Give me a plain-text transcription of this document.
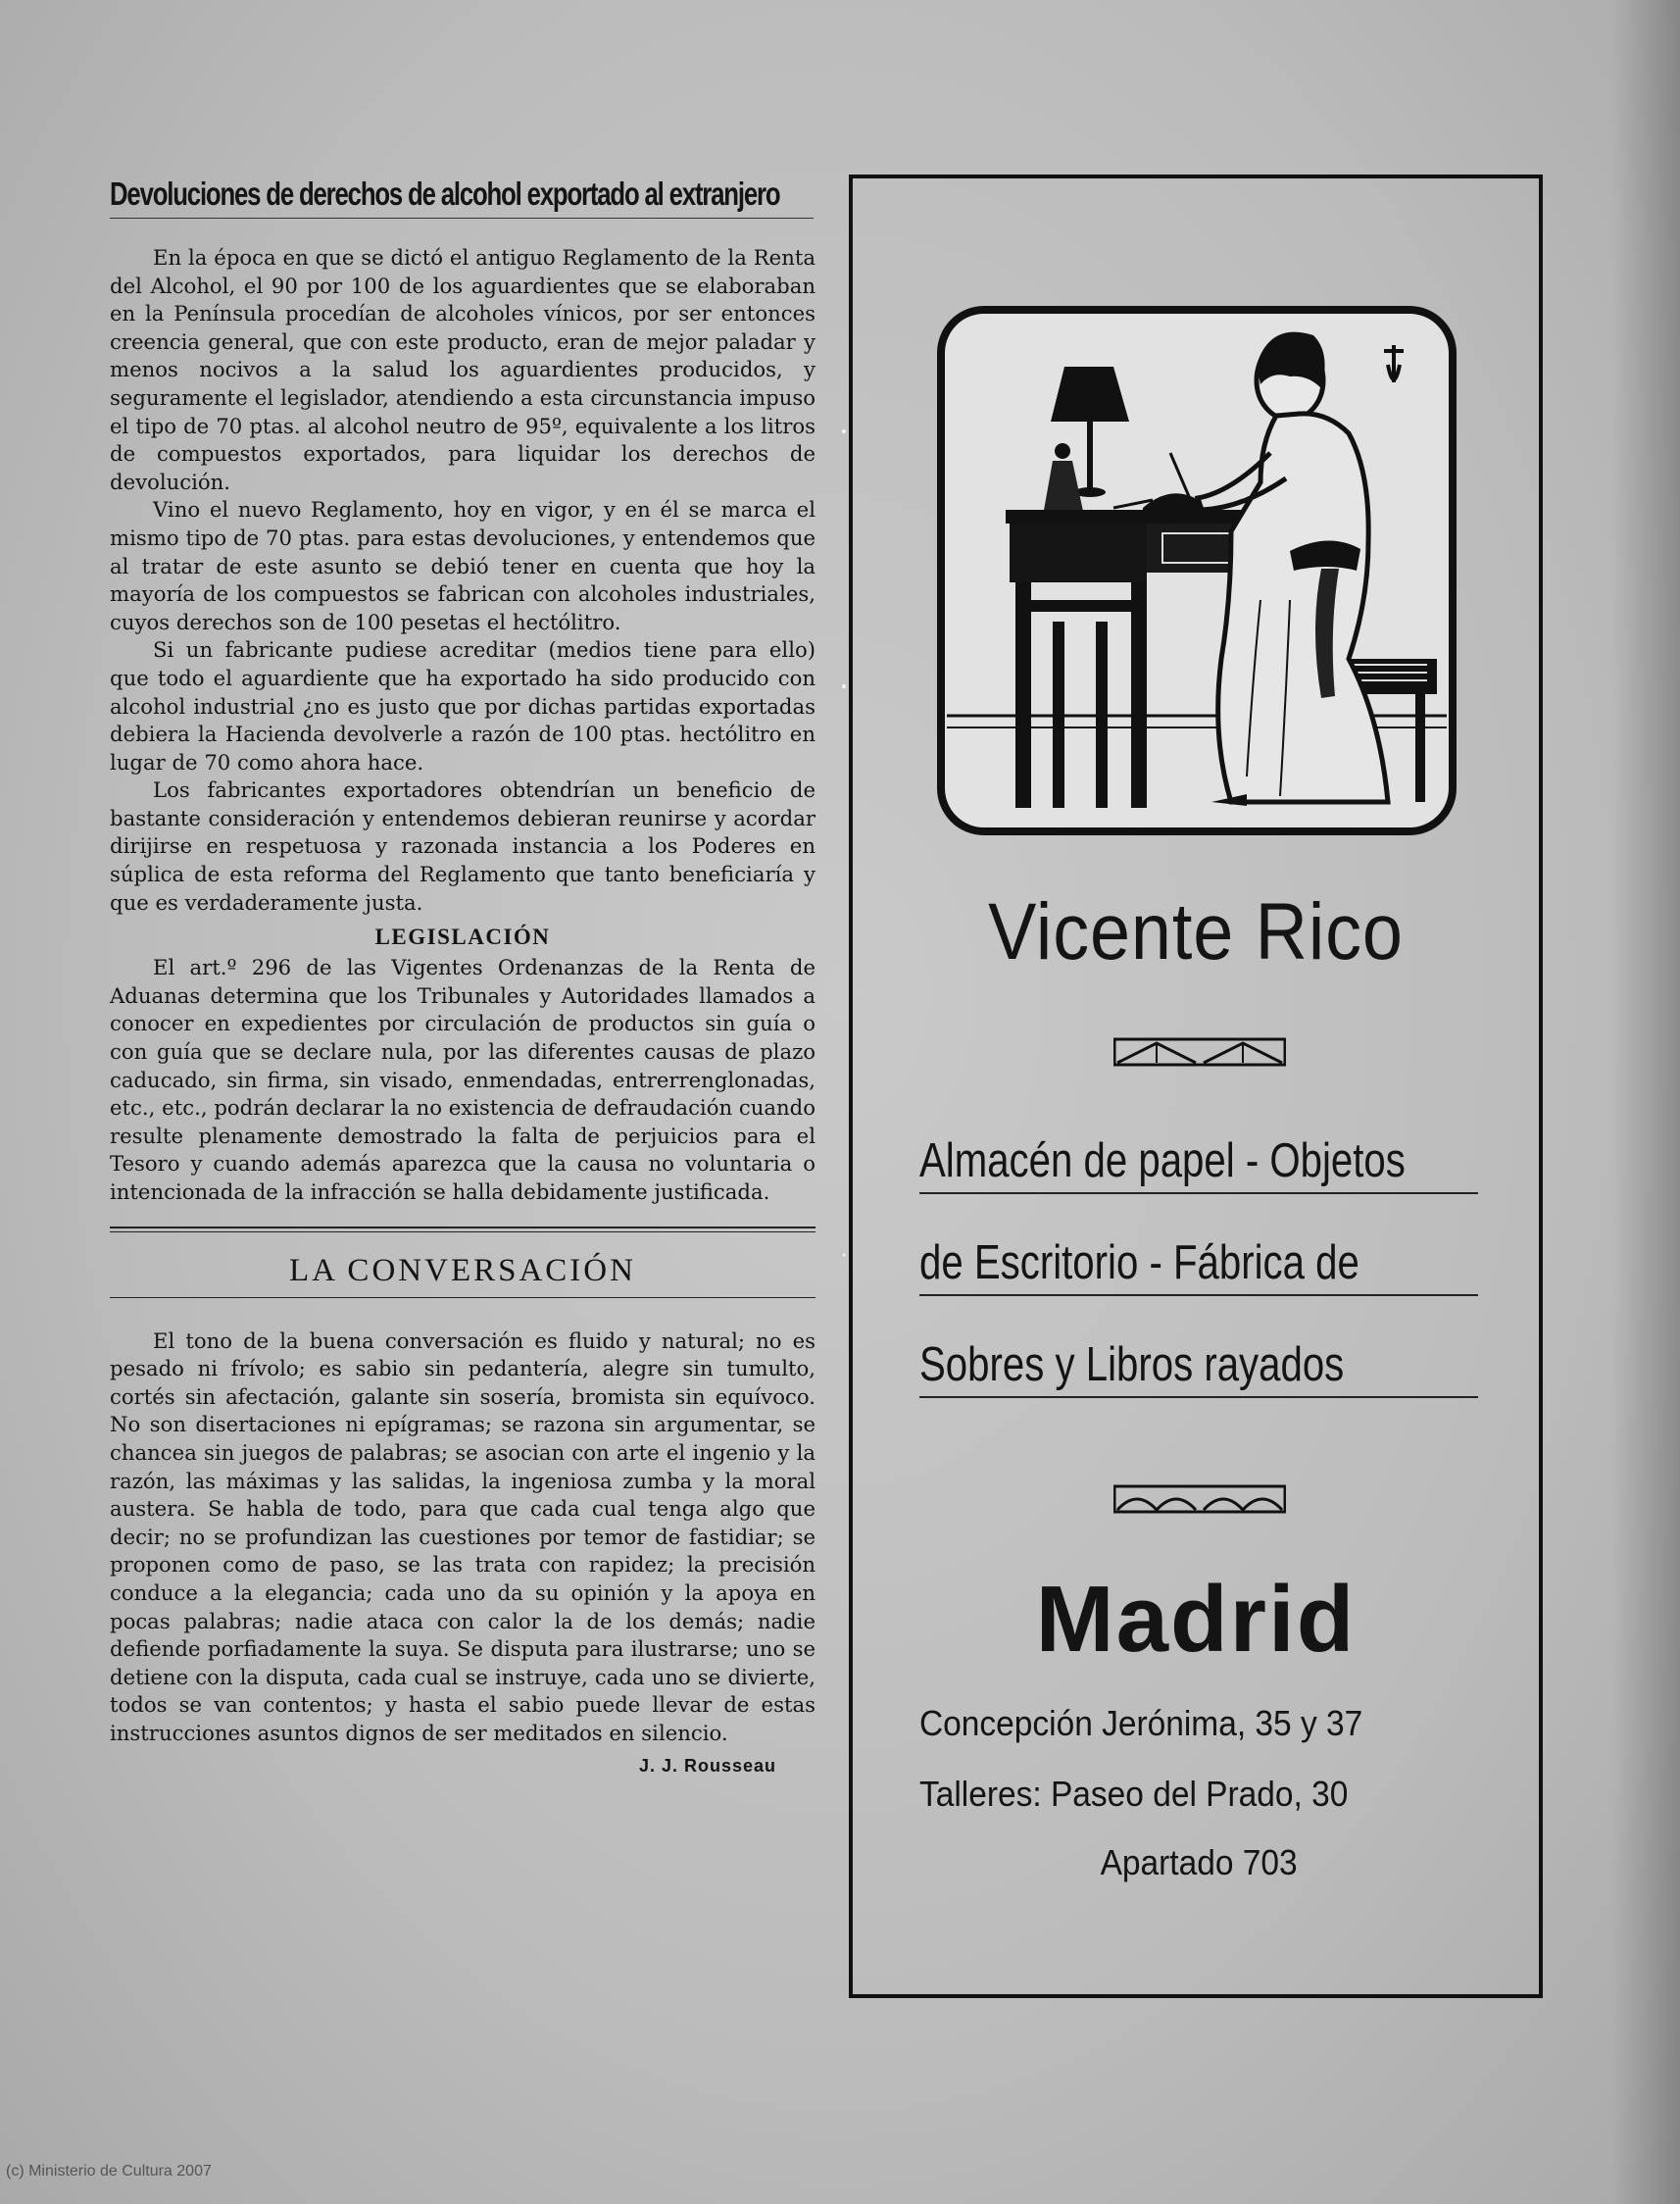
Devoluciones de derechos de alcohol exportado al extranjero

En la época en que se dictó el antiguo Reglamento de la Renta del Alcohol, el 90 por 100 de los aguardientes que se elaboraban en la Península procedían de alcoholes vínicos, por ser entonces creencia general, que con este producto, eran de mejor paladar y menos nocivos a la salud los aguardientes producidos, y seguramente el legislador, atendiendo a esta circunstancia impuso el tipo de 70 ptas. al alcohol neutro de 95º, equivalente a los litros de compuestos exportados, para liquidar los derechos de devolución.

Vino el nuevo Reglamento, hoy en vigor, y en él se marca el mismo tipo de 70 ptas. para estas devoluciones, y entendemos que al tratar de este asunto se debió tener en cuenta que hoy la mayoría de los compuestos se fabrican con alcoholes industriales, cuyos derechos son de 100 pesetas el hectólitro.

Si un fabricante pudiese acreditar (medios tiene para ello) que todo el aguardiente que ha exportado ha sido producido con alcohol industrial ¿no es justo que por dichas partidas exportadas debiera la Hacienda devolverle a razón de 100 ptas. hectólitro en lugar de 70 como ahora hace.

Los fabricantes exportadores obtendrían un beneficio de bastante consideración y entendemos debieran reunirse y acordar dirijirse en respetuosa y razonada instancia a los Poderes en súplica de esta reforma del Reglamento que tanto beneficiaría y que es verdaderamente justa.

LEGISLACIÓN

El art.º 296 de las Vigentes Ordenanzas de la Renta de Aduanas determina que los Tribunales y Autoridades llamados a conocer en expedientes por circulación de productos sin guía o con guía que se declare nula, por las diferentes causas de plazo caducado, sin firma, sin visado, enmendadas, entrerrenglonadas, etc., etc., podrán declarar la no existencia de defraudación cuando resulte plenamente demostrado la falta de perjuicios para el Tesoro y cuando además aparezca que la causa no voluntaria o intencionada de la infracción se halla debidamente justificada.

LA CONVERSACIÓN

El tono de la buena conversación es fluido y natural; no es pesado ni frívolo; es sabio sin pedantería, alegre sin tumulto, cortés sin afectación, galante sin sosería, bromista sin equívoco. No son disertaciones ni epígramas; se razona sin argumentar, se chancea sin juegos de palabras; se asocian con arte el ingenio y la razón, las máximas y las salidas, la ingeniosa zumba y la moral austera. Se habla de todo, para que cada cual tenga algo que decir; no se profundizan las cuestiones por temor de fastidiar; se proponen como de paso, se las trata con rapidez; la precisión conduce a la elegancia; cada uno da su opinión y la apoya en pocas palabras; nadie ataca con calor la de los demás; nadie defiende porfiadamente la suya. Se disputa para ilustrarse; uno se detiene con la disputa, cada cual se instruye, cada uno se divierte, todos se van contentos; y hasta el sabio puede llevar de estas instrucciones asuntos dignos de ser meditados en silencio.

J. J. Rousseau
Vicente Rico
Almacén de papel - Objetos
de Escritorio - Fábrica de
Sobres y Libros rayados
Madrid
Concepción Jerónima, 35 y 37
Talleres: Paseo del Prado, 30
Apartado 703
(c) Ministerio de Cultura 2007
